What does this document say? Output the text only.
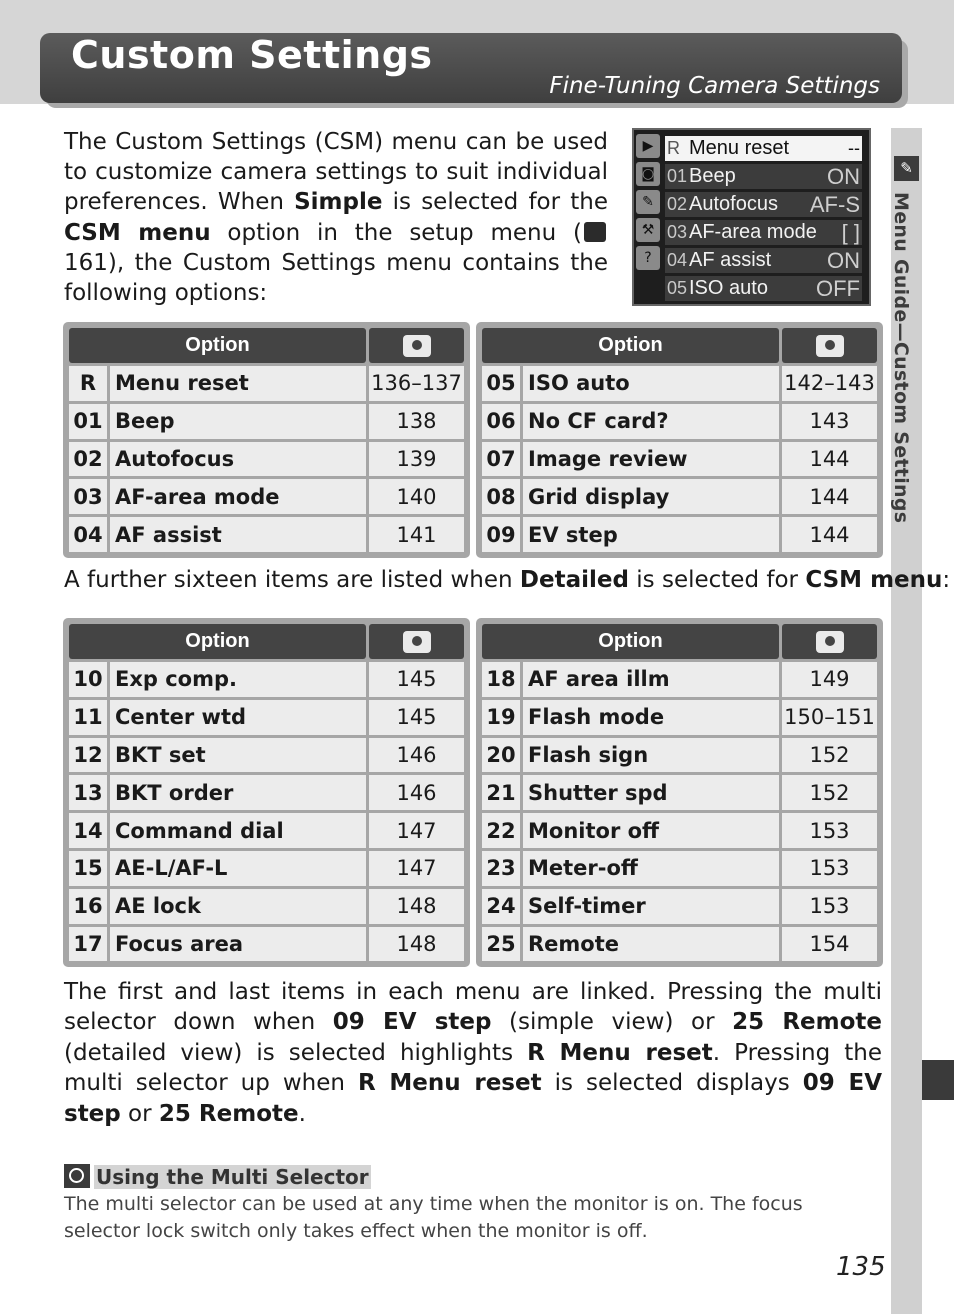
Custom Settings
Fine-Tuning Camera Settings
✎
Menu Guide—Custom Settings
The Custom Settings (CSM) menu can be used to customize camera settings to suit individual preferences. When Simple is selected for the CSM menu option in the setup menu ( 161), the Custom Settings menu contains the following options:
▶
◙
✎
⚒
?
R Menu reset	--
01 Beep	ON
02 Autofocus AF-S
03 AF-area mode [ ]
04 AF assist	ON
05 ISO auto OFF
Option		
R	Menu reset	136–137
01	Beep	138
02	Autofocus	139
03	AF-area mode	140
04	AF assist	141
Option		
05	ISO auto	142–143
06	No CF card?	143
07	Image review	144
08	Grid display	144
09	EV step	144
A further sixteen items are listed when Detailed is selected for CSM menu:
Option		
10	Exp comp.	145
11	Center wtd	145
12	BKT set	146
13	BKT order	146
14	Command dial	147
15	AE-L/AF-L	147
16	AE lock	148
17	Focus area	148
Option		
18	AF area illm	149
19	Flash mode	150–151
20	Flash sign	152
21	Shutter spd	152
22	Monitor off	153
23	Meter-off	153
24	Self-timer	153
25	Remote	154
The first and last items in each menu are linked. Pressing the multi selector down when 09 EV step (simple view) or 25 Remote (detailed view) is selected highlights R Menu reset. Pressing the multi selector up when R Menu reset is selected displays 09 EV step or 25 Remote.
Using the Multi Selector
The multi selector can be used at any time when the monitor is on. The focus selector lock switch only takes effect when the monitor is off.
135
